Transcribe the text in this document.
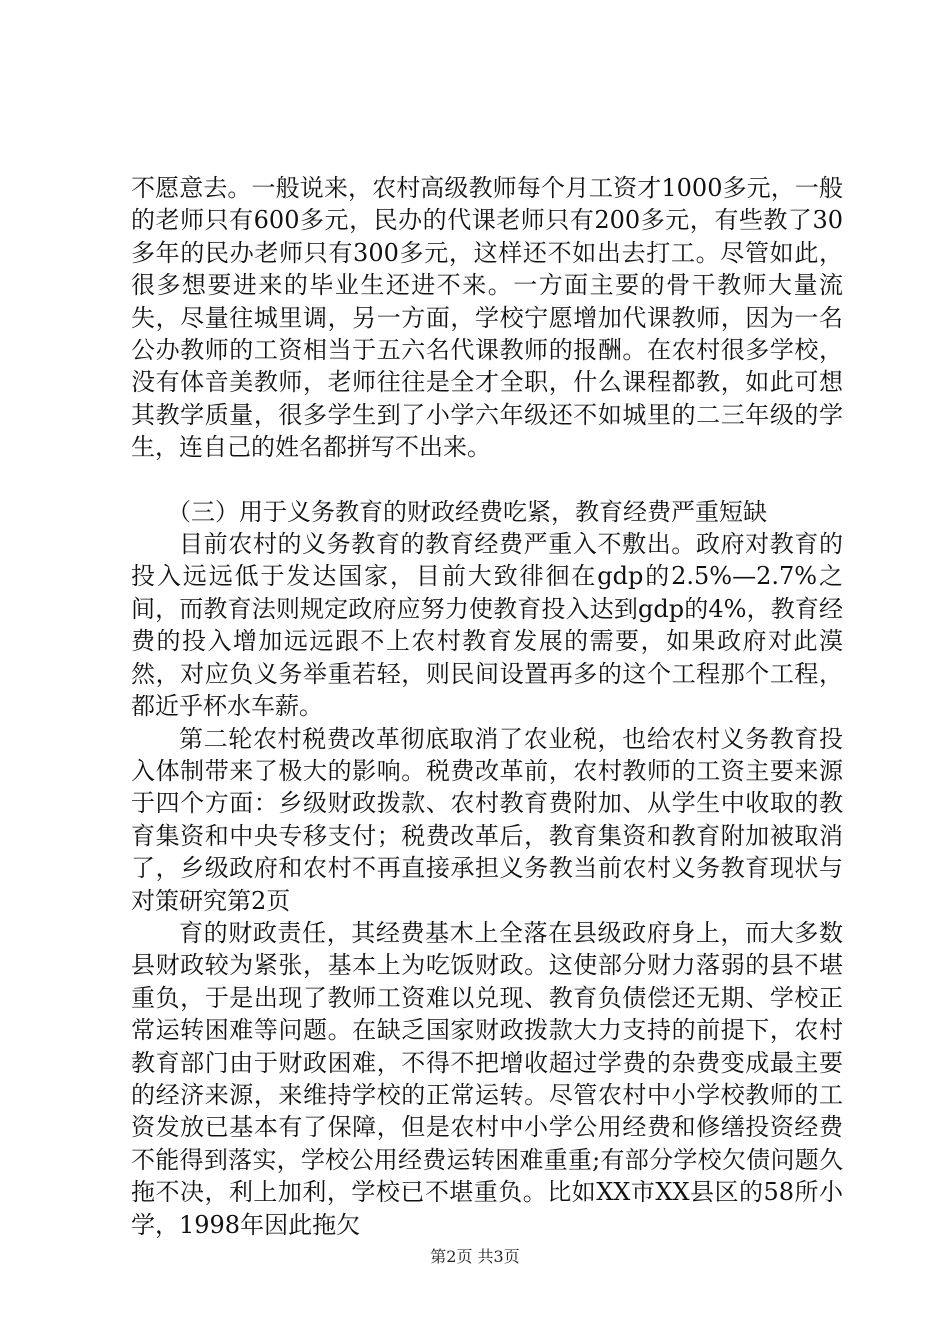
不愿意去。一般说来，农村高级教师每个月工资才1000多元，一般的老师只有600多元，民办的代课老师只有200多元，有些教了30多年的民办老师只有300多元，这样还不如出去打工。尽管如此，很多想要进来的毕业生还进不来。一方面主要的骨干教师大量流失，尽量往城里调，另一方面，学校宁愿增加代课教师，因为一名公办教师的工资相当于五六名代课教师的报酬。在农村很多学校，没有体音美教师，老师往往是全才全职，什么课程都教，如此可想其教学质量，很多学生到了小学六年级还不如城里的二三年级的学生，连自己的姓名都拼写不出来。

（三）用于义务教育的财政经费吃紧，教育经费严重短缺

目前农村的义务教育的教育经费严重入不敷出。政府对教育的投入远远低于发达国家，目前大致徘徊在gdp的2.5%—2.7%之间，而教育法则规定政府应努力使教育投入达到gdp的4%，教育经费的投入增加远远跟不上农村教育发展的需要，如果政府对此漠然，对应负义务举重若轻，则民间设置再多的这个工程那个工程，都近乎杯水车薪。

第二轮农村税费改革彻底取消了农业税，也给农村义务教育投入体制带来了极大的影响。税费改革前，农村教师的工资主要来源于四个方面：乡级财政拨款、农村教育费附加、从学生中收取的教育集资和中央专移支付；税费改革后，教育集资和教育附加被取消了，乡级政府和农村不再直接承担义务教当前农村义务教育现状与对策研究第2页

育的财政责任，其经费基木上全落在县级政府身上，而大多数县财政较为紧张，基本上为吃饭财政。这使部分财力落弱的县不堪重负，于是出现了教师工资难以兑现、教育负债偿还无期、学校正常运转困难等问题。在缺乏国家财政拨款大力支持的前提下，农村教育部门由于财政困难，不得不把增收超过学费的杂费变成最主要的经济来源，来维持学校的正常运转。尽管农村中小学校教师的工资发放已基本有了保障，但是农村中小学公用经费和修缮投资经费不能得到落实，学校公用经费运转困难重重;有部分学校欠债问题久拖不决，利上加利，学校已不堪重负。比如XX市XX县区的58所小学，1998年因此拖欠

第2页 共3页
